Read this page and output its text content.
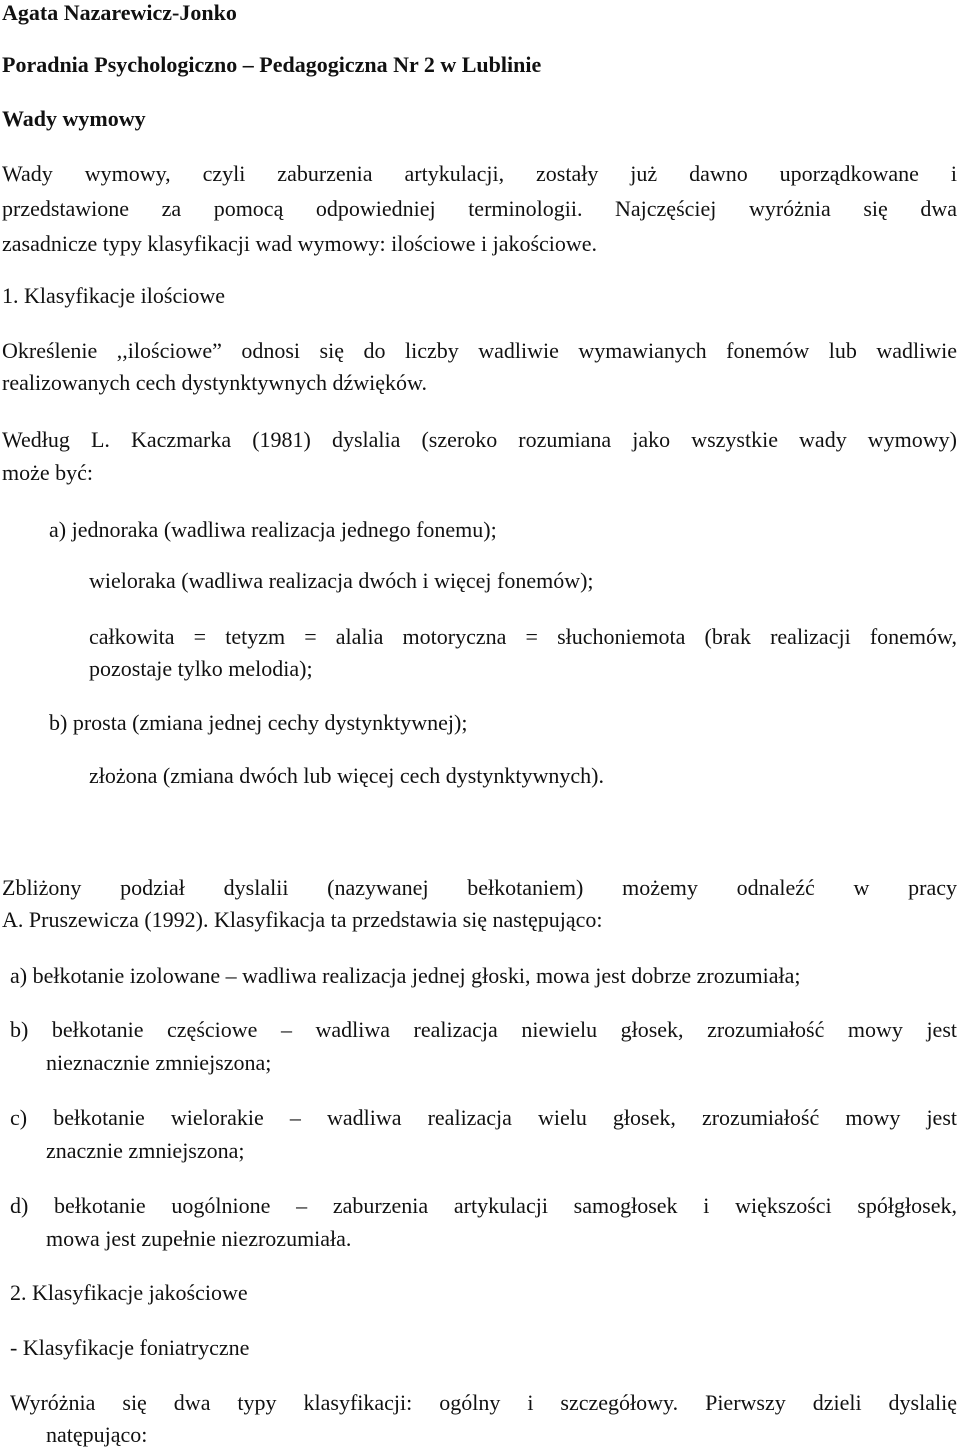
Agata Nazarewicz-Jonko
Poradnia Psychologiczno – Pedagogiczna Nr 2 w Lublinie
Wady wymowy
Wady wymowy, czyli zaburzenia artykulacji, zostały już dawno uporządkowane i
przedstawione za pomocą odpowiedniej terminologii. Najczęściej wyróżnia się dwa
zasadnicze typy klasyfikacji wad wymowy: ilościowe i jakościowe.
1. Klasyfikacje ilościowe
Określenie ,,ilościowe” odnosi się do liczby wadliwie wymawianych fonemów lub wadliwie
realizowanych cech dystynktywnych dźwięków.
Według L. Kaczmarka (1981) dyslalia (szeroko rozumiana jako wszystkie wady wymowy)
może być:
a) jednoraka (wadliwa realizacja jednego fonemu);
wieloraka (wadliwa realizacja dwóch i więcej fonemów);
całkowita = tetyzm = alalia motoryczna = słuchoniemota (brak realizacji fonemów,
pozostaje tylko melodia);
b) prosta (zmiana jednej cechy dystynktywnej);
złożona (zmiana dwóch lub więcej cech dystynktywnych).
Zbliżony podział dyslalii (nazywanej bełkotaniem) możemy odnaleźć w pracy
A. Pruszewicza (1992). Klasyfikacja ta przedstawia się następująco:
a) bełkotanie izolowane – wadliwa realizacja jednej głoski, mowa jest dobrze zrozumiała;
b) bełkotanie częściowe – wadliwa realizacja niewielu głosek, zrozumiałość mowy jest
nieznacznie zmniejszona;
c) bełkotanie wielorakie – wadliwa realizacja wielu głosek, zrozumiałość mowy jest
znacznie zmniejszona;
d) bełkotanie uogólnione – zaburzenia artykulacji samogłosek i większości spółgłosek,
mowa jest zupełnie niezrozumiała.
2. Klasyfikacje jakościowe
- Klasyfikacje foniatryczne
Wyróżnia się dwa typy klasyfikacji: ogólny i szczegółowy. Pierwszy dzieli dyslalię
natępująco:
